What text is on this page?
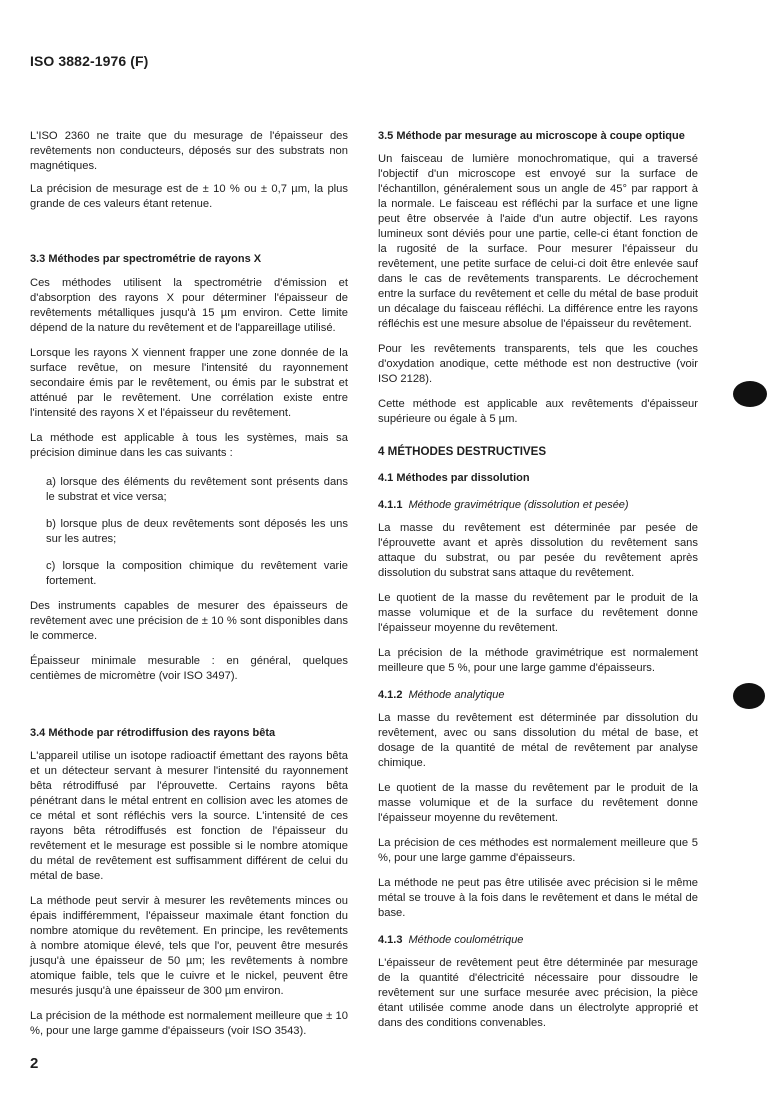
ISO 3882-1976 (F)

L'ISO 2360 ne traite que du mesurage de l'épaisseur des revêtements non conducteurs, déposés sur des substrats non magnétiques.

La précision de mesurage est de ± 10 % ou ± 0,7 µm, la plus grande de ces valeurs étant retenue.

3.3 Méthodes par spectrométrie de rayons X

Ces méthodes utilisent la spectrométrie d'émission et d'absorption des rayons X pour déterminer l'épaisseur de revêtements métalliques jusqu'à 15 µm environ. Cette limite dépend de la nature du revêtement et de l'appareillage utilisé.

Lorsque les rayons X viennent frapper une zone donnée de la surface revêtue, on mesure l'intensité du rayonnement secondaire émis par le revêtement, ou émis par le substrat et atténué par le revêtement. Une corrélation existe entre l'intensité des rayons X et l'épaisseur du revêtement.

La méthode est applicable à tous les systèmes, mais sa précision diminue dans les cas suivants :

a) lorsque des éléments du revêtement sont présents dans le substrat et vice versa;

b) lorsque plus de deux revêtements sont déposés les uns sur les autres;

c) lorsque la composition chimique du revêtement varie fortement.

Des instruments capables de mesurer des épaisseurs de revêtement avec une précision de ± 10 % sont disponibles dans le commerce.

Épaisseur minimale mesurable : en général, quelques centièmes de micromètre (voir ISO 3497).

3.4 Méthode par rétrodiffusion des rayons bêta

L'appareil utilise un isotope radioactif émettant des rayons bêta et un détecteur servant à mesurer l'intensité du rayonnement bêta rétrodiffusé par l'éprouvette. Certains rayons bêta pénétrant dans le métal entrent en collision avec les atomes de ce métal et sont réfléchis vers la source. L'intensité de ces rayons bêta rétrodiffusés est fonction de l'épaisseur du revêtement et le mesurage est possible si le nombre atomique du métal de revêtement est suffisamment différent de celui du métal de base.

La méthode peut servir à mesurer les revêtements minces ou épais indifféremment, l'épaisseur maximale étant fonction du nombre atomique du revêtement. En principe, les revêtements à nombre atomique élevé, tels que l'or, peuvent être mesurés jusqu'à une épaisseur de 50 µm; les revêtements à nombre atomique faible, tels que le cuivre et le nickel, peuvent être mesurés jusqu'à une épaisseur de 300 µm environ.

La précision de la méthode est normalement meilleure que ± 10 %, pour une large gamme d'épaisseurs (voir ISO 3543).

3.5 Méthode par mesurage au microscope à coupe optique

Un faisceau de lumière monochromatique, qui a traversé l'objectif d'un microscope est envoyé sur la surface de l'échantillon, généralement sous un angle de 45° par rapport à la normale. Le faisceau est réfléchi par la surface et une ligne peut être observée à l'aide d'un autre objectif. Les rayons lumineux sont déviés pour une partie, celle-ci étant fonction de la rugosité de la surface. Pour mesurer l'épaisseur du revêtement, une petite surface de celui-ci doit être enlevée sauf dans le cas de revêtements transparents. Le décrochement entre la surface du revêtement et celle du métal de base produit un décalage du faisceau réfléchi. La différence entre les rayons réfléchis est une mesure absolue de l'épaisseur du revêtement.

Pour les revêtements transparents, tels que les couches d'oxydation anodique, cette méthode est non destructive (voir ISO 2128).

Cette méthode est applicable aux revêtements d'épaisseur supérieure ou égale à 5 µm.

4 MÉTHODES DESTRUCTIVES
4.1 Méthodes par dissolution
4.1.1 Méthode gravimétrique (dissolution et pesée)

La masse du revêtement est déterminée par pesée de l'éprouvette avant et après dissolution du revêtement sans attaque du substrat, ou par pesée du revêtement après dissolution du substrat sans attaque du revêtement.

Le quotient de la masse du revêtement par le produit de la masse volumique et de la surface du revêtement donne l'épaisseur moyenne du revêtement.

La précision de la méthode gravimétrique est normalement meilleure que 5 %, pour une large gamme d'épaisseurs.

4.1.2 Méthode analytique

La masse du revêtement est déterminée par dissolution du revêtement, avec ou sans dissolution du métal de base, et dosage de la quantité de métal de revêtement par analyse chimique.

Le quotient de la masse du revêtement par le produit de la masse volumique et de la surface du revêtement donne l'épaisseur moyenne du revêtement.

La précision de ces méthodes est normalement meilleure que 5 %, pour une large gamme d'épaisseurs.

La méthode ne peut pas être utilisée avec précision si le même métal se trouve à la fois dans le revêtement et dans le métal de base.

4.1.3 Méthode coulométrique

L'épaisseur de revêtement peut être déterminée par mesurage de la quantité d'électricité nécessaire pour dissoudre le revêtement sur une surface mesurée avec précision, la pièce étant utilisée comme anode dans un électrolyte approprié et dans des conditions convenables.

2
